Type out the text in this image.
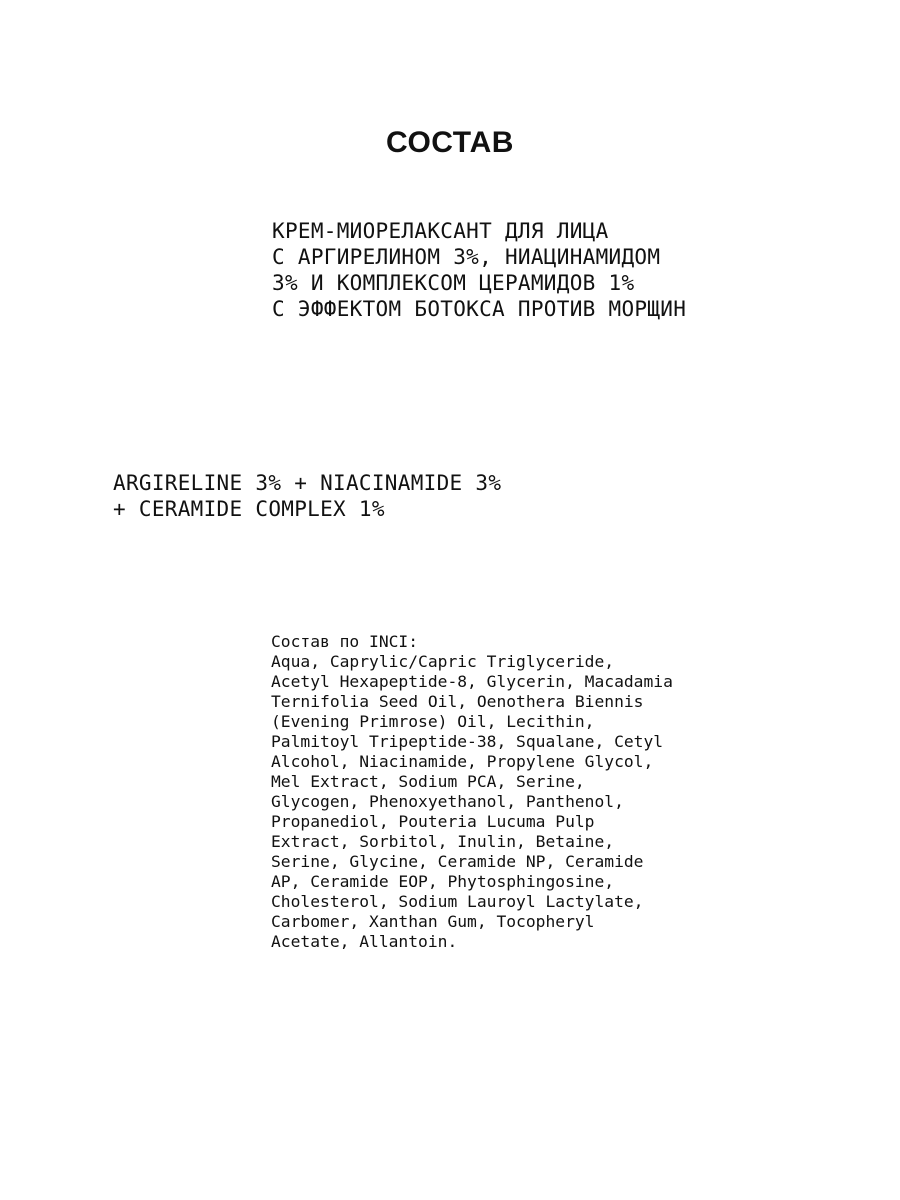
СОСТАВ
КРЕМ-МИОРЕЛАКСАНТ ДЛЯ ЛИЦА
С АРГИРЕЛИНОМ 3%, НИАЦИНАМИДОМ
3% И КОМПЛЕКСОМ ЦЕРАМИДОВ 1%
С ЭФФЕКТОМ БОТОКСА ПРОТИВ МОРЩИН
ARGIRELINE 3% + NIACINAMIDE 3%
+ CERAMIDE COMPLEX 1%
Состав по INCI:
Aqua, Caprylic/Capric Triglyceride,
Acetyl Hexapeptide-8, Glycerin, Macadamia
Ternifolia Seed Oil, Oenothera Biennis
(Evening Primrose) Oil, Lecithin,
Palmitoyl Tripeptide-38, Squalane, Cetyl
Alcohol, Niacinamide, Propylene Glycol,
Mel Extract, Sodium PCA, Serine,
Glycogen, Phenoxyethanol, Panthenol,
Propanediol, Pouteria Lucuma Pulp
Extract, Sorbitol, Inulin, Betaine,
Serine, Glycine, Ceramide NP, Ceramide
AP, Ceramide EOP, Phytosphingosine,
Cholesterol, Sodium Lauroyl Lactylate,
Carbomer, Xanthan Gum, Tocopheryl
Acetate, Allantoin.
